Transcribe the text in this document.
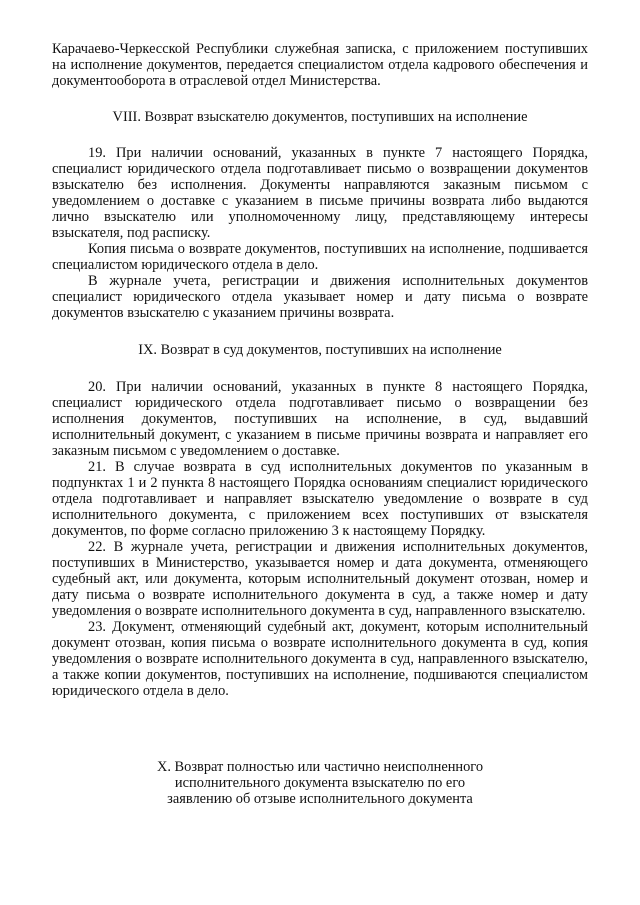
Карачаево-Черкесской Республики служебная записка, с приложением поступивших на исполнение документов, передается специалистом отдела кадрового обеспечения и документооборота в отраслевой отдел Министерства.

VIII. Возврат взыскателю документов, поступивших на исполнение

19. При наличии оснований, указанных в пункте 7 настоящего Порядка, специалист юридического отдела подготавливает письмо о возвращении документов взыскателю без исполнения. Документы направляются заказным письмом с уведомлением о доставке с указанием в письме причины возврата либо выдаются лично взыскателю или уполномоченному лицу, представляющему интересы взыскателя, под расписку.

Копия письма о возврате документов, поступивших на исполнение, подшивается специалистом юридического отдела в дело.

В журнале учета, регистрации и движения исполнительных документов специалист юридического отдела указывает номер и дату письма о возврате документов взыскателю с указанием причины возврата.

IX. Возврат в суд документов, поступивших на исполнение

20. При наличии оснований, указанных в пункте 8 настоящего Порядка, специалист юридического отдела подготавливает письмо о возвращении без исполнения документов, поступивших на исполнение, в суд, выдавший исполнительный документ, с указанием в письме причины возврата и направляет его заказным письмом с уведомлением о доставке.

21. В случае возврата в суд исполнительных документов по указанным в подпунктах 1 и 2 пункта 8 настоящего Порядка основаниям специалист юридического отдела подготавливает и направляет взыскателю уведомление о возврате в суд исполнительного документа, с приложением всех поступивших от взыскателя документов, по форме согласно приложению 3 к настоящему Порядку.

22. В журнале учета, регистрации и движения исполнительных документов, поступивших в Министерство, указывается номер и дата документа, отменяющего судебный акт, или документа, которым исполнительный документ отозван, номер и дату письма о возврате исполнительного документа в суд, а также номер и дату уведомления о возврате исполнительного документа в суд, направленного взыскателю.

23. Документ, отменяющий судебный акт, документ, которым исполнительный документ отозван, копия письма о возврате исполнительного документа в суд, копия уведомления о возврате исполнительного документа в суд, направленного взыскателю, а также копии документов, поступивших на исполнение, подшиваются специалистом юридического отдела в дело.

X. Возврат полностью или частично неисполненного
исполнительного документа взыскателю по его
заявлению об отзыве исполнительного документа
